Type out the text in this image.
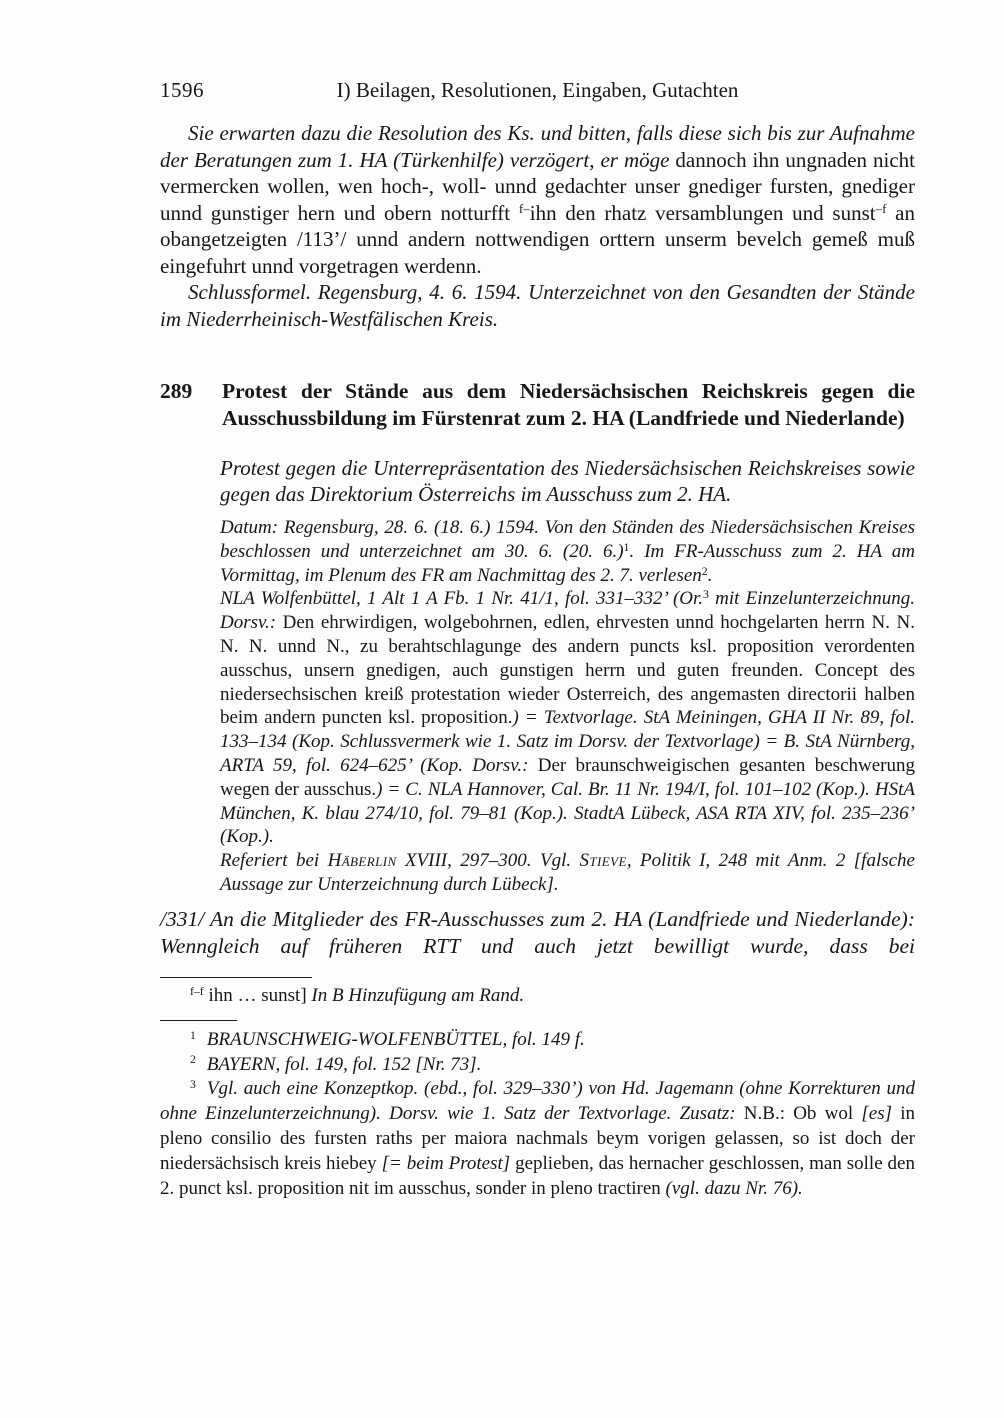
1596	I) Beilagen, Resolutionen, Eingaben, Gutachten

Sie erwarten dazu die Resolution des Ks. und bitten, falls diese sich bis zur Aufnahme der Beratungen zum 1. HA (Türkenhilfe) verzögert, er möge dannoch ihn ungnaden nicht vermercken wollen, wen hoch-, woll- unnd gedachter unser gnediger fursten, gnediger unnd gunstiger hern und obern notturfft $^{f-}$ihn den rhatz versamblungen und sunst$^{-f}$ an obangetzeigten /113’/ unnd andern nottwendigen orttern unserm bevelch gemeß muß eingefuhrt unnd vorgetragen werdenn.

Schlussformel. Regensburg, 4. 6. 1594. Unterzeichnet von den Gesandten der Stände im Niederrheinisch-Westfälischen Kreis.

289	Protest der Stände aus dem Niedersächsischen Reichskreis gegen die Ausschussbildung im Fürstenrat zum 2. HA (Landfriede und Niederlande)

Protest gegen die Unterrepräsentation des Niedersächsischen Reichskreises sowie gegen das Direktorium Österreichs im Ausschuss zum 2. HA.

Datum: Regensburg, 28. 6. (18. 6.) 1594. Von den Ständen des Niedersächsischen Kreises beschlossen und unterzeichnet am 30. 6. (20. 6.)$^1$. Im FR-Ausschuss zum 2. HA am Vormittag, im Plenum des FR am Nachmittag des 2. 7. verlesen$^2$.

NLA Wolfenbüttel, 1 Alt 1 A Fb. 1 Nr. 41/1, fol. 331–332’ (Or.$^3$ mit Einzelunterzeichnung. Dorsv.: Den ehrwirdigen, wolgebohrnen, edlen, ehrvesten unnd hochgelarten herrn N. N. N. N. unnd N., zu berahtschlagunge des andern puncts ksl. proposition verordenten ausschus, unsern gnedigen, auch gunstigen herrn und guten freunden. Concept des niedersechsischen kreiß protestation wieder Osterreich, des angemasten directorii halben beim andern puncten ksl. proposition.) = Textvorlage. StA Meiningen, GHA II Nr. 89, fol. 133–134 (Kop. Schlussvermerk wie 1. Satz im Dorsv. der Textvorlage) = B. StA Nürnberg, ARTA 59, fol. 624–625’ (Kop. Dorsv.: Der braunschweigischen gesanten beschwerung wegen der ausschus.) = C. NLA Hannover, Cal. Br. 11 Nr. 194/I, fol. 101–102 (Kop.). HStA München, K. blau 274/10, fol. 79–81 (Kop.). StadtA Lübeck, ASA RTA XIV, fol. 235–236’ (Kop.).

Referiert bei Häberlin XVIII, 297–300. Vgl. Stieve, Politik I, 248 mit Anm. 2 [falsche Aussage zur Unterzeichnung durch Lübeck].

/331/ An die Mitglieder des FR-Ausschusses zum 2. HA (Landfriede und Niederlande): Wenngleich auf früheren RTT und auch jetzt bewilligt wurde, dass bei

$^{f-f}$ ihn … sunst] In B Hinzufügung am Rand.

$^1$ BRAUNSCHWEIG-WOLFENBÜTTEL, fol. 149 f.

$^2$ BAYERN, fol. 149, fol. 152 [Nr. 73].

$^3$ Vgl. auch eine Konzeptkop. (ebd., fol. 329–330’) von Hd. Jagemann (ohne Korrekturen und ohne Einzelunterzeichnung). Dorsv. wie 1. Satz der Textvorlage. Zusatz: N.B.: Ob wol [es] in pleno consilio des fursten raths per maiora nachmals beym vorigen gelassen, so ist doch der niedersächsisch kreis hiebey [= beim Protest] geplieben, das hernacher geschlossen, man solle den 2. punct ksl. proposition nit im ausschus, sonder in pleno tractiren (vgl. dazu Nr. 76).
